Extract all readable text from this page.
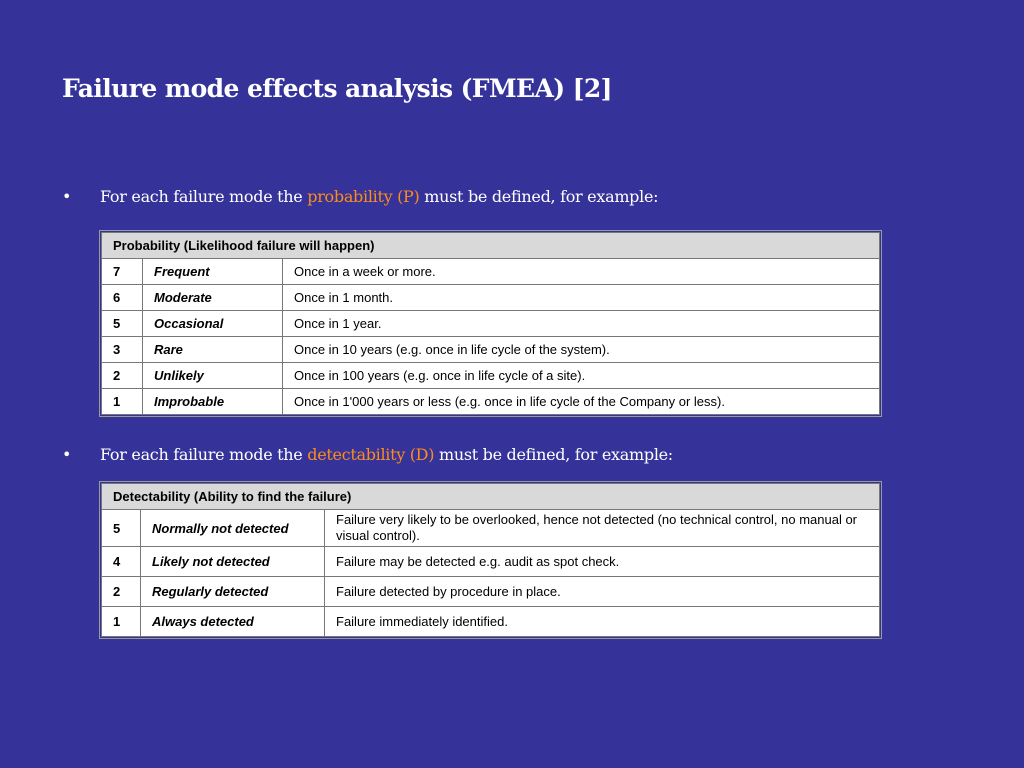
Failure mode effects analysis (FMEA) [2]
• For each failure mode the probability (P) must be defined, for example:
Probability (Likelihood failure will happen)		
7	Frequent	Once in a week or more.
6	Moderate	Once in 1 month.
5	Occasional	Once in 1 year.
3	Rare	Once in 10 years (e.g. once in life cycle of the system).
2	Unlikely	Once in 100 years (e.g. once in life cycle of a site).
1	Improbable	Once in 1'000 years or less (e.g. once in life cycle of the Company or less).
• For each failure mode the detectability (D) must be defined, for example:
Detectability (Ability to find the failure)		
5	Normally not detected	Failure very likely to be overlooked, hence not detected (no technical control, no manual or visual control).
4	Likely not detected	Failure may be detected e.g. audit as spot check.
2	Regularly detected	Failure detected by procedure in place.
1	Always detected	Failure immediately identified.
